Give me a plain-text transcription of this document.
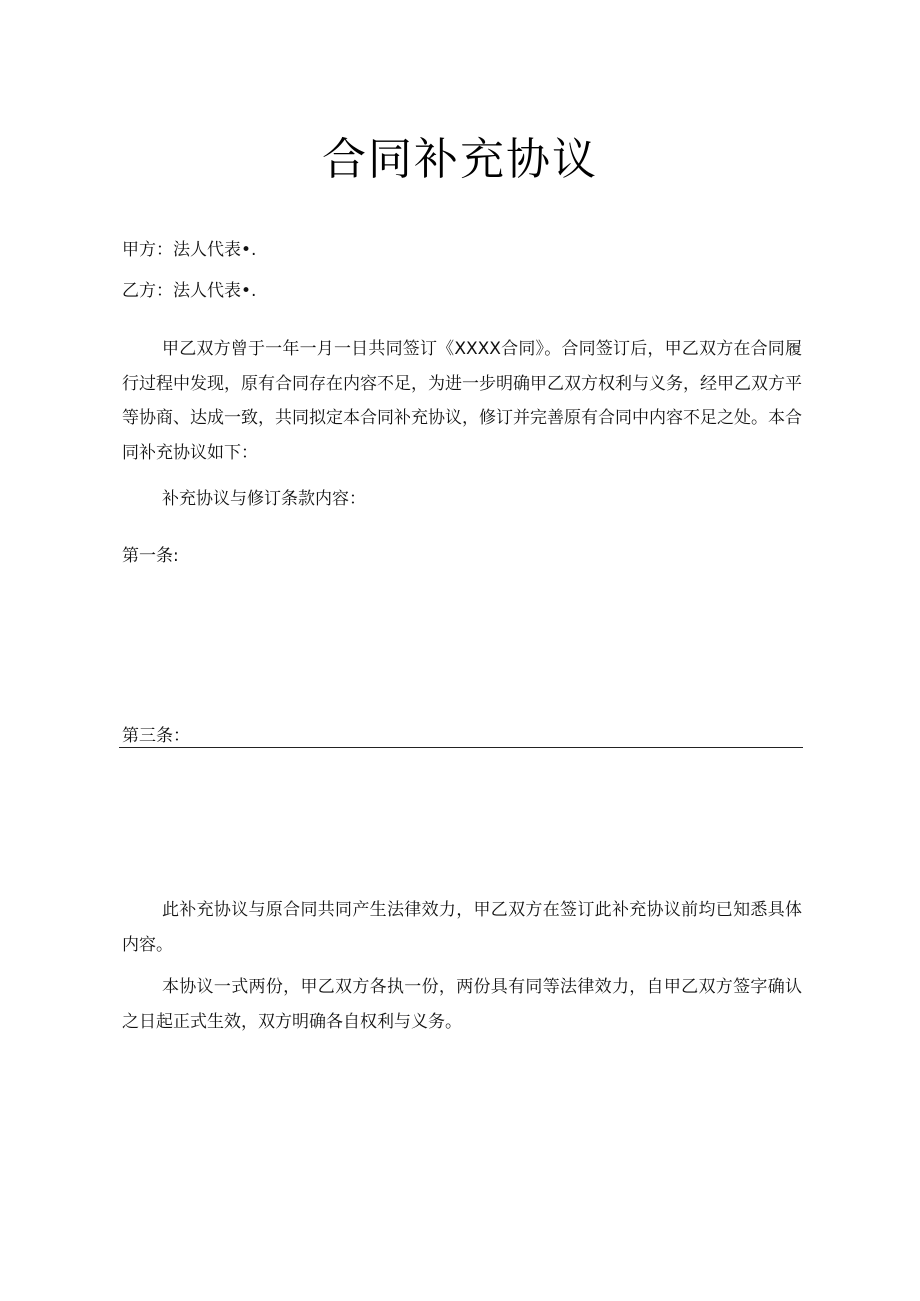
合同补充协议
甲方：法人代表•.
乙方：法人代表•.

甲乙双方曾于一年一月一日共同签订《XXXX合同》。合同签订后，甲乙双方在合同履行过程中发现，原有合同存在内容不足，为进一步明确甲乙双方权利与义务，经甲乙双方平等协商、达成一致，共同拟定本合同补充协议，修订并完善原有合同中内容不足之处。本合同补充协议如下：

补充协议与修订条款内容：
第一条:
第三条：

此补充协议与原合同共同产生法律效力，甲乙双方在签订此补充协议前均已知悉具体内容。

本协议一式两份，甲乙双方各执一份，两份具有同等法律效力，自甲乙双方签字确认之日起正式生效，双方明确各自权利与义务。
